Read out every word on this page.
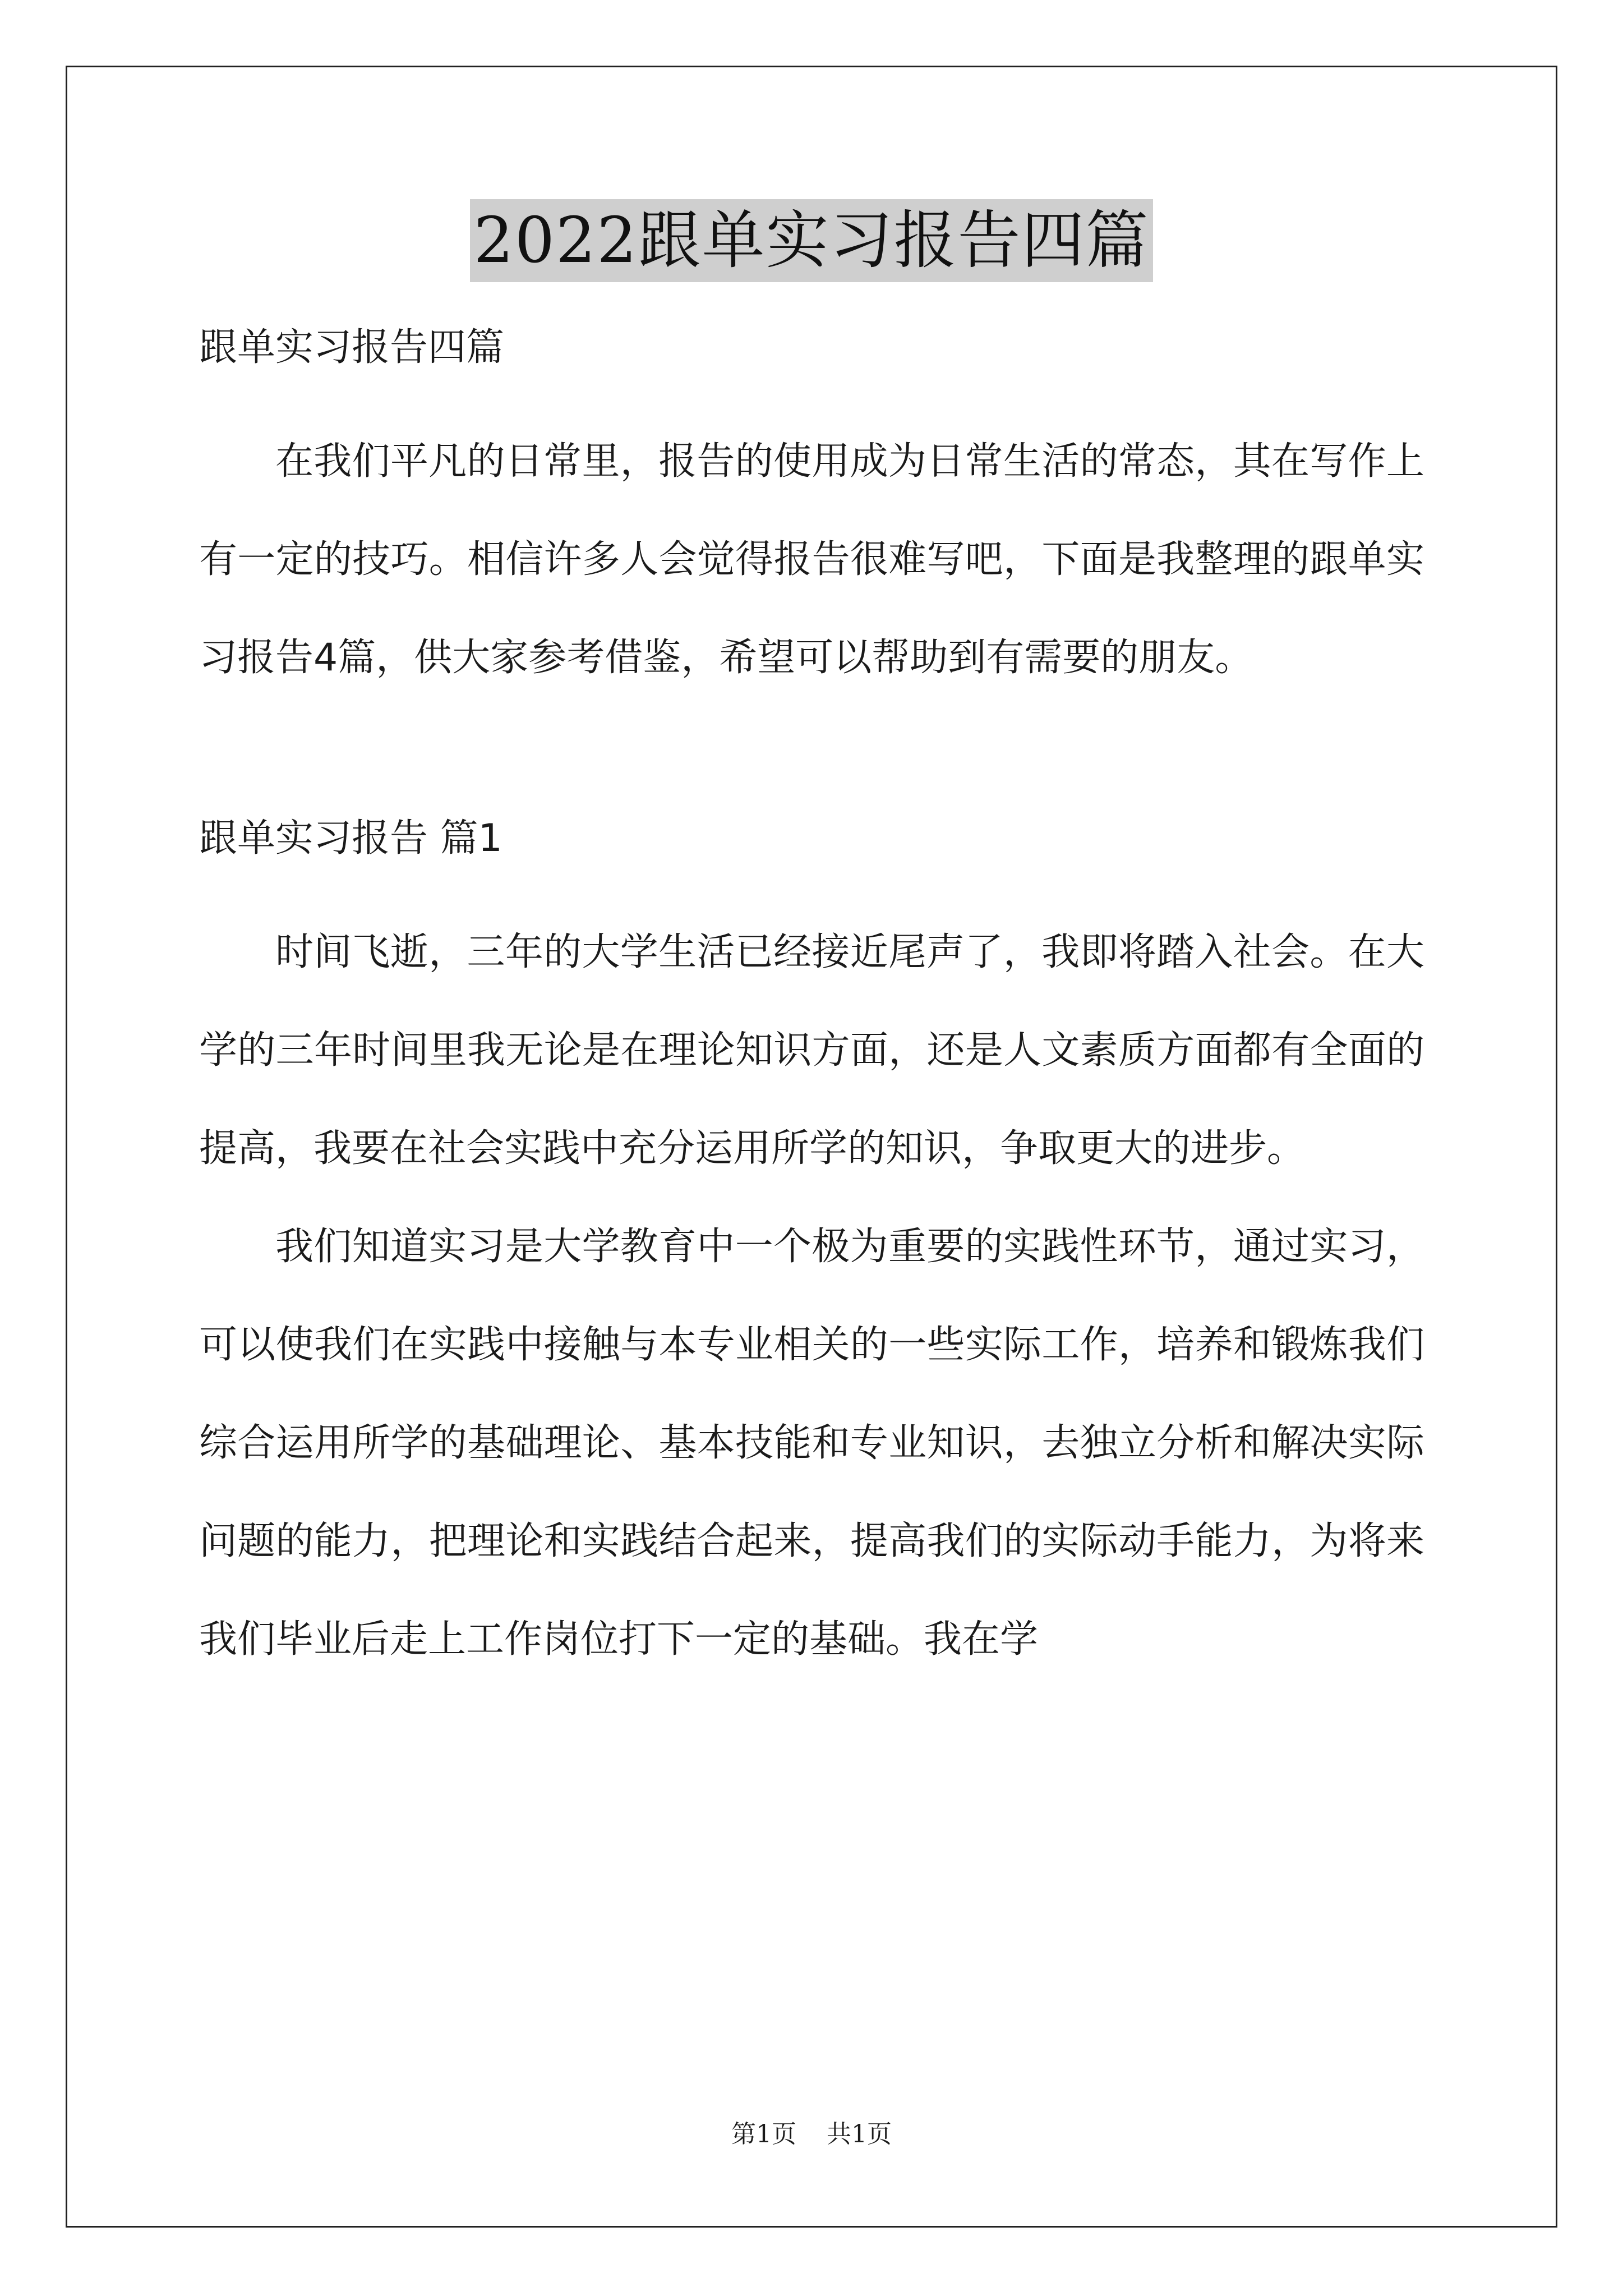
2022跟单实习报告四篇
跟单实习报告四篇

在我们平凡的日常里，报告的使用成为日常生活的常态，其在写作上有一定的技巧。相信许多人会觉得报告很难写吧，下面是我整理的跟单实习报告4篇，供大家参考借鉴，希望可以帮助到有需要的朋友。

跟单实习报告 篇1

时间飞逝，三年的大学生活已经接近尾声了，我即将踏入社会。在大学的三年时间里我无论是在理论知识方面，还是人文素质方面都有全面的提高，我要在社会实践中充分运用所学的知识，争取更大的进步。

我们知道实习是大学教育中一个极为重要的实践性环节，通过实习，可以使我们在实践中接触与本专业相关的一些实际工作，培养和锻炼我们综合运用所学的基础理论、基本技能和专业知识，去独立分析和解决实际问题的能力，把理论和实践结合起来，提高我们的实际动手能力，为将来我们毕业后走上工作岗位打下一定的基础。我在学

第1页 共1页
